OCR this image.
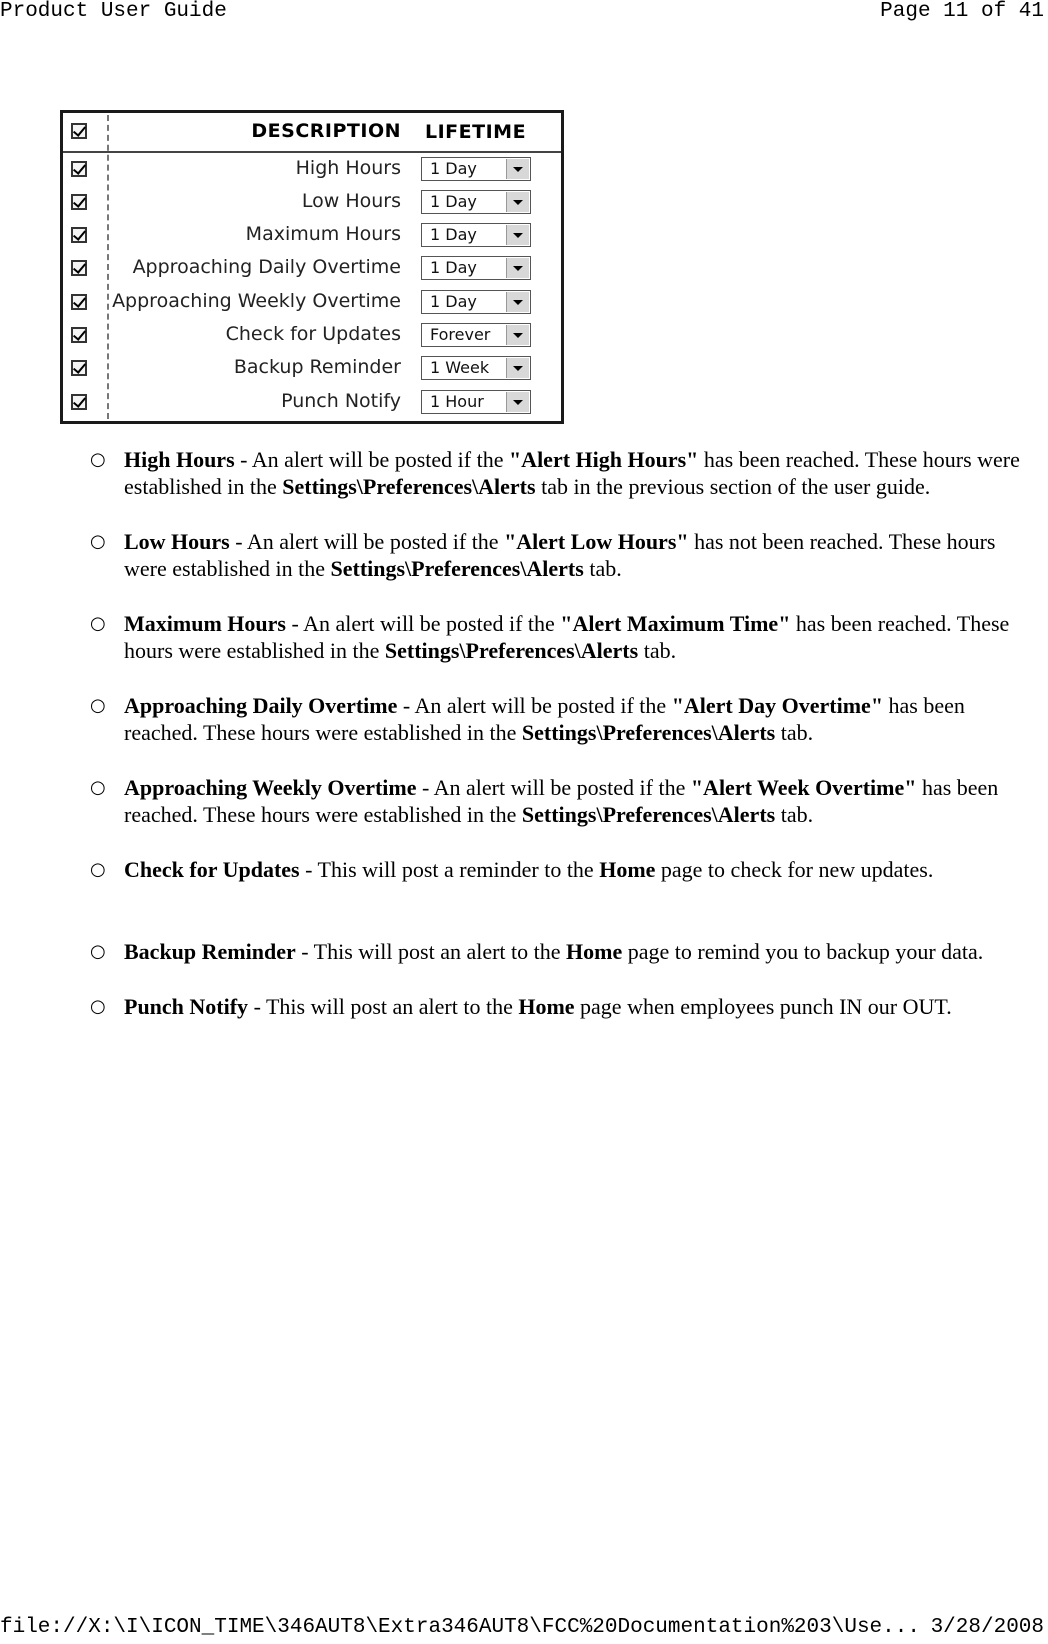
Product User Guide	Page 11 of 41
DESCRIPTION LIFETIME
High Hours	1 Day
Low Hours	1 Day
Maximum Hours	1 Day
Approaching Daily Overtime	1 Day
Approaching Weekly Overtime	1 Day
Check for Updates	Forever
Backup Reminder	1 Week
Punch Notify	1 Hour
○ High Hours - An alert will be posted if the "Alert High Hours" has been reached. These hours were established in the Settings\Preferences\Alerts tab in the previous section of the user guide.
○ Low Hours - An alert will be posted if the "Alert Low Hours" has not been reached. These hours were established in the Settings\Preferences\Alerts tab.
○ Maximum Hours - An alert will be posted if the "Alert Maximum Time" has been reached. These hours were established in the Settings\Preferences\Alerts tab.
○ Approaching Daily Overtime - An alert will be posted if the "Alert Day Overtime" has been reached. These hours were established in the Settings\Preferences\Alerts tab.
○ Approaching Weekly Overtime - An alert will be posted if the "Alert Week Overtime" has been reached. These hours were established in the Settings\Preferences\Alerts tab.
○ Check for Updates - This will post a reminder to the Home page to check for new updates.
○ Backup Reminder - This will post an alert to the Home page to remind you to backup your data.
○ Punch Notify - This will post an alert to the Home page when employees punch IN our OUT.
file://X:\I\ICON_TIME\346AUT8\Extra346AUT8\FCC%20Documentation%203\Use... 3/28/2008
